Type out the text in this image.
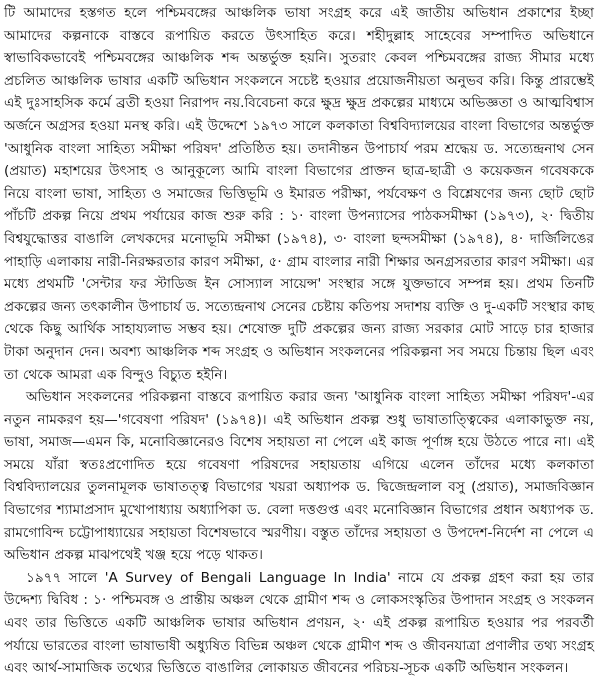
টি আমাদের হস্তগত হলে পশ্চিমবঙ্গের আঞ্চলিক ভাষা সংগ্রহ করে এই জাতীয় অভিধান প্রকাশের ইচ্ছা আমাদের কল্পনাকে বাস্তবে রূপায়িত করতে উৎসাহিত করে। শহীদুল্লাহ সাহেবের সম্পাদিত অভিধানে স্বাভাবিকভাবেই পশ্চিমবঙ্গের আঞ্চলিক শব্দ অন্তর্ভুক্ত হয়নি। সুতরাং কেবল পশ্চিমবঙ্গের রাজ্য সীমার মধ্যে প্রচলিত আঞ্চলিক ভাষার একটি অভিধান সংকলনে সচেষ্ট হওয়ার প্রয়োজনীয়তা অনুভব করি। কিন্তু প্রারম্ভেই এই দুঃসাহসিক কর্মে ব্রতী হওয়া নিরাপদ নয়.বিবেচনা করে ক্ষুদ্র ক্ষুদ্র প্রকল্পের মাধ্যমে অভিজ্ঞতা ও আত্মবিশ্বাস অর্জনে অগ্রসর হওয়া মনস্থ করি। এই উদ্দেশে ১৯৭৩ সালে কলকাতা বিশ্ববিদ্যালয়ের বাংলা বিভাগের অন্তর্ভুক্ত 'আধুনিক বাংলা সাহিত্য সমীক্ষা পরিষদ' প্রতিষ্ঠিত হয়। তদানীন্তন উপাচার্য পরম শ্রদ্ধেয় ড. সত্যেন্দ্রনাথ সেন (প্রয়াত) মহাশয়ের উৎসাহ ও আনুকূল্যে আমি বাংলা বিভাগের প্রাক্তন ছাত্র-ছাত্রী ও কয়েকজন গবেষককে নিয়ে বাংলা ভাষা, সাহিত্য ও সমাজের ভিত্তিভূমি ও ইমারত পরীক্ষা, পর্যবেক্ষণ ও বিশ্লেষণের জন্য ছোট ছোট পাঁচটি প্রকল্প নিয়ে প্রথম পর্যায়ের কাজ শুরু করি : ১· বাংলা উপন্যাসের পাঠকসমীক্ষা (১৯৭৩), ২· দ্বিতীয় বিশ্বযুদ্ধোত্তর বাঙালি লেখকদের মনোভূমি সমীক্ষা (১৯৭৪), ৩· বাংলা ছন্দসমীক্ষা (১৯৭৪), ৪· দার্জিলিঙের পাহাড়ি এলাকায় নারী-নিরক্ষরতার কারণ সমীক্ষা, ৫· গ্রাম বাংলার নারী শিক্ষার অনগ্রসরতার কারণ সমীক্ষা। এর মধ্যে প্রথমটি 'সেন্টার ফর স্টাডিজ ইন সোস্যাল সায়েন্স' সংস্থার সঙ্গে যুক্তভাবে সম্পন্ন হয়। প্রথম তিনটি প্রকল্পের জন্য তৎকালীন উপাচার্য ড. সত্যেন্দ্রনাথ সেনের চেষ্টায় কতিপয় সদাশয় ব্যক্তি ও দু-একটি সংস্থার কাছ থেকে কিছু আর্থিক সাহায্যলাভ সম্ভব হয়। শেষোক্ত দুটি প্রকল্পের জন্য রাজ্য সরকার মোট সাড়ে চার হাজার টাকা অনুদান দেন। অবশ্য আঞ্চলিক শব্দ সংগ্রহ ও অভিধান সংকলনের পরিকল্পনা সব সময়ে চিন্তায় ছিল এবং তা থেকে আমরা এক বিন্দুও বিচ্যুত হইনি।

অভিধান সংকলনের পরিকল্পনা বাস্তবে রূপায়িত করার জন্য 'আধুনিক বাংলা সাহিত্য সমীক্ষা পরিষদ'-এর নতুন নামকরণ হয়—'গবেষণা পরিষদ' (১৯৭৪)। এই অভিধান প্রকল্প শুধু ভাষাতাত্ত্বিকের এলাকাভুক্ত নয়, ভাষা, সমাজ—এমন কি, মনোবিজ্ঞানেরও বিশেষ সহায়তা না পেলে এই কাজ পূর্ণাঙ্গ হয়ে উঠতে পারে না। এই সময়ে যাঁরা স্বতঃপ্রণোদিত হয়ে গবেষণা পরিষদের সহায়তায় এগিয়ে এলেন তাঁদের মধ্যে কলকাতা বিশ্ববিদ্যালয়ের তুলনামূলক ভাষাতত্ত্ব বিভাগের খয়রা অধ্যাপক ড. দ্বিজেন্দ্রলাল বসু (প্রয়াত), সমাজবিজ্ঞান বিভাগের শ্যামাপ্রসাদ মুখোপাধ্যায় অধ্যাপিকা ড. বেলা দত্তগুপ্ত এবং মনোবিজ্ঞান বিভাগের প্রধান অধ্যাপক ড. রামগোবিন্দ চট্টোপাধ্যায়ের সহায়তা বিশেষভাবে স্মরণীয়। বস্তুত তাঁদের সহায়তা ও উপদেশ-নির্দেশ না পেলে এ অভিধান প্রকল্প মাঝপথেই খঞ্জ হয়ে পড়ে থাকত।

১৯৭৭ সালে 'A Survey of Bengali Language In India' নামে যে প্রকল্প গ্রহণ করা হয় তার উদ্দেশ্য দ্বিবিধ : ১· পশ্চিমবঙ্গ ও প্রান্তীয় অঞ্চল থেকে গ্রামীণ শব্দ ও লোকসংস্কৃতির উপাদান সংগ্রহ ও সংকলন এবং তার ভিত্তিতে একটি আঞ্চলিক ভাষার অভিধান প্রণয়ন, ২· এই প্রকল্প রূপায়িত হওয়ার পর পরবর্তী পর্যায়ে ভারতের বাংলা ভাষাভাষী অধ্যুষিত বিভিন্ন অঞ্চল থেকে গ্রামীণ শব্দ ও জীবনযাত্রা প্রণালীর তথ্য সংগ্রহ এবং আর্থ-সামাজিক তথ্যের ভিত্তিতে বাঙালির লোকায়ত জীবনের পরিচয়-সূচক একটি অভিধান সংকলন।
